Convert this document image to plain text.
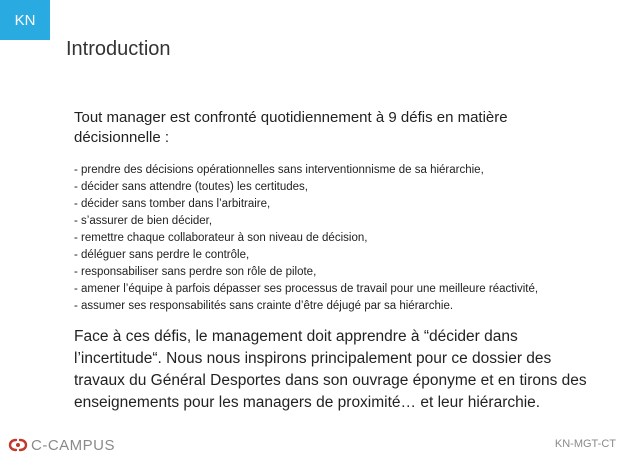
KN
Introduction
Tout manager est confronté quotidiennement à 9 défis en matière décisionnelle :
- prendre des décisions opérationnelles sans interventionnisme de sa hiérarchie,
- décider sans attendre (toutes) les certitudes,
- décider sans tomber dans l’arbitraire,
- s’assurer de bien décider,
- remettre chaque collaborateur à son niveau de décision,
- déléguer sans perdre le contrôle,
- responsabiliser sans perdre son rôle de pilote,
- amener l’équipe à parfois dépasser ses processus de travail pour une meilleure réactivité,
- assumer ses responsabilités sans crainte d’être déjugé par sa hiérarchie.
Face à ces défis, le management doit apprendre à “décider dans l’incertitude“. Nous nous inspirons principalement pour ce dossier des travaux du Général Desportes dans son ouvrage éponyme et en tirons des enseignements pour les managers de proximité… et leur hiérarchie.
C-CAMPUS	KN-MGT-CT
